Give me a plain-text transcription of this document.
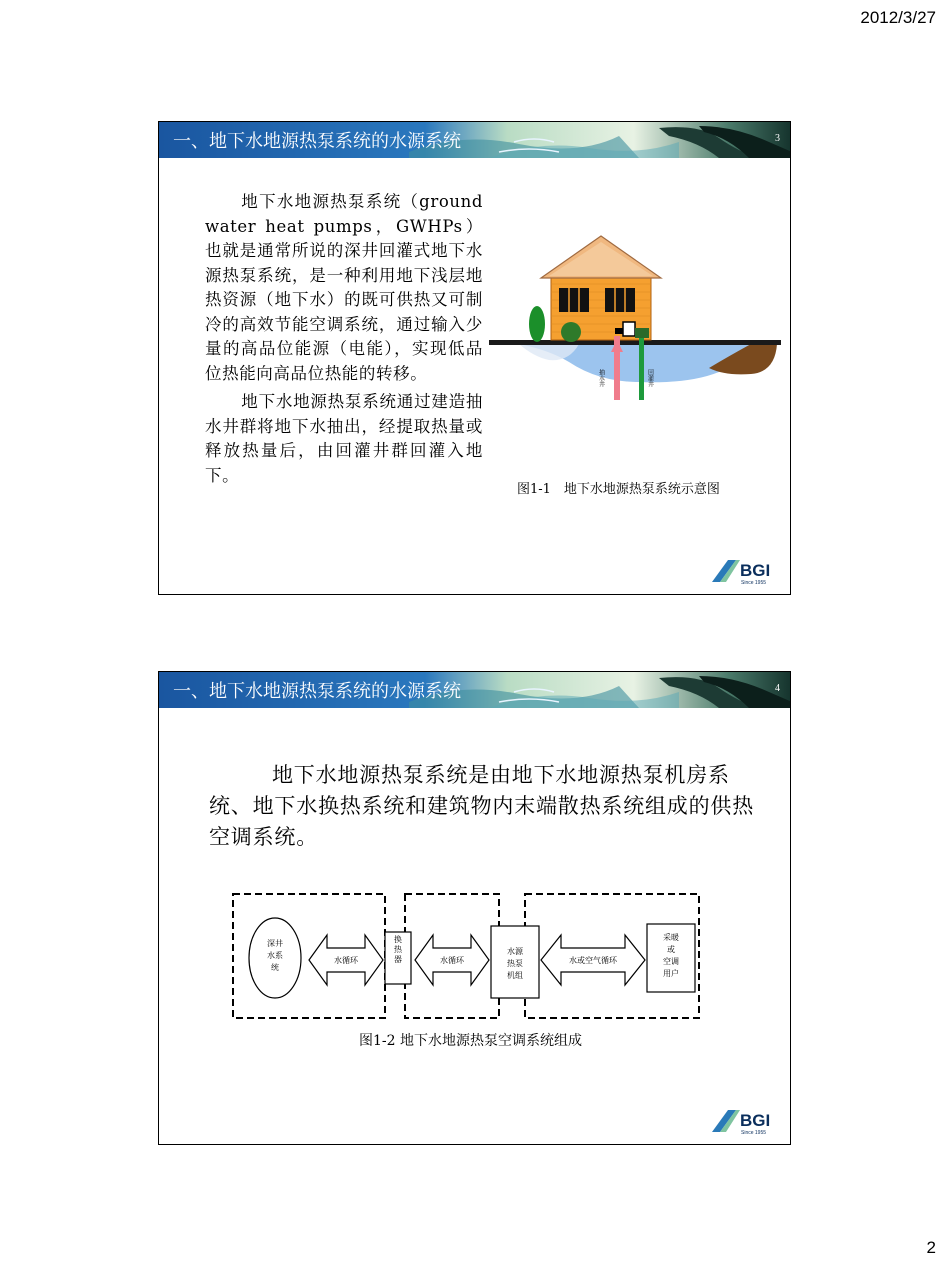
2012/3/27
一、地下水地源热泵系统的水源系统	3

地下水地源热泵系统（ground water heat pumps，GWHPs）也就是通常所说的深井回灌式地下水源热泵系统，是一种利用地下浅层地热资源（地下水）的既可供热又可制冷的高效节能空调系统，通过输入少量的高品位能源（电能），实现低品位热能向高品位热能的转移。

地下水地源热泵系统通过建造抽水井群将地下水抽出，经提取热量或释放热量后，由回灌井群回灌入地下。

抽水井	回灌井
图1-1　地下水地源热泵系统示意图
BGI
Since 1955
一、地下水地源热泵系统的水源系统	4

地下水地源热泵系统是由地下水地源热泵机房系统、地下水换热系统和建筑物内末端散热系统组成的供热空调系统。

深井水系统
水循环
换热器	水循环
水源热泵机组
水或空气循环
采暖或空调用户
图1-2 地下水地源热泵空调系统组成
BGI
Since 1955
2
